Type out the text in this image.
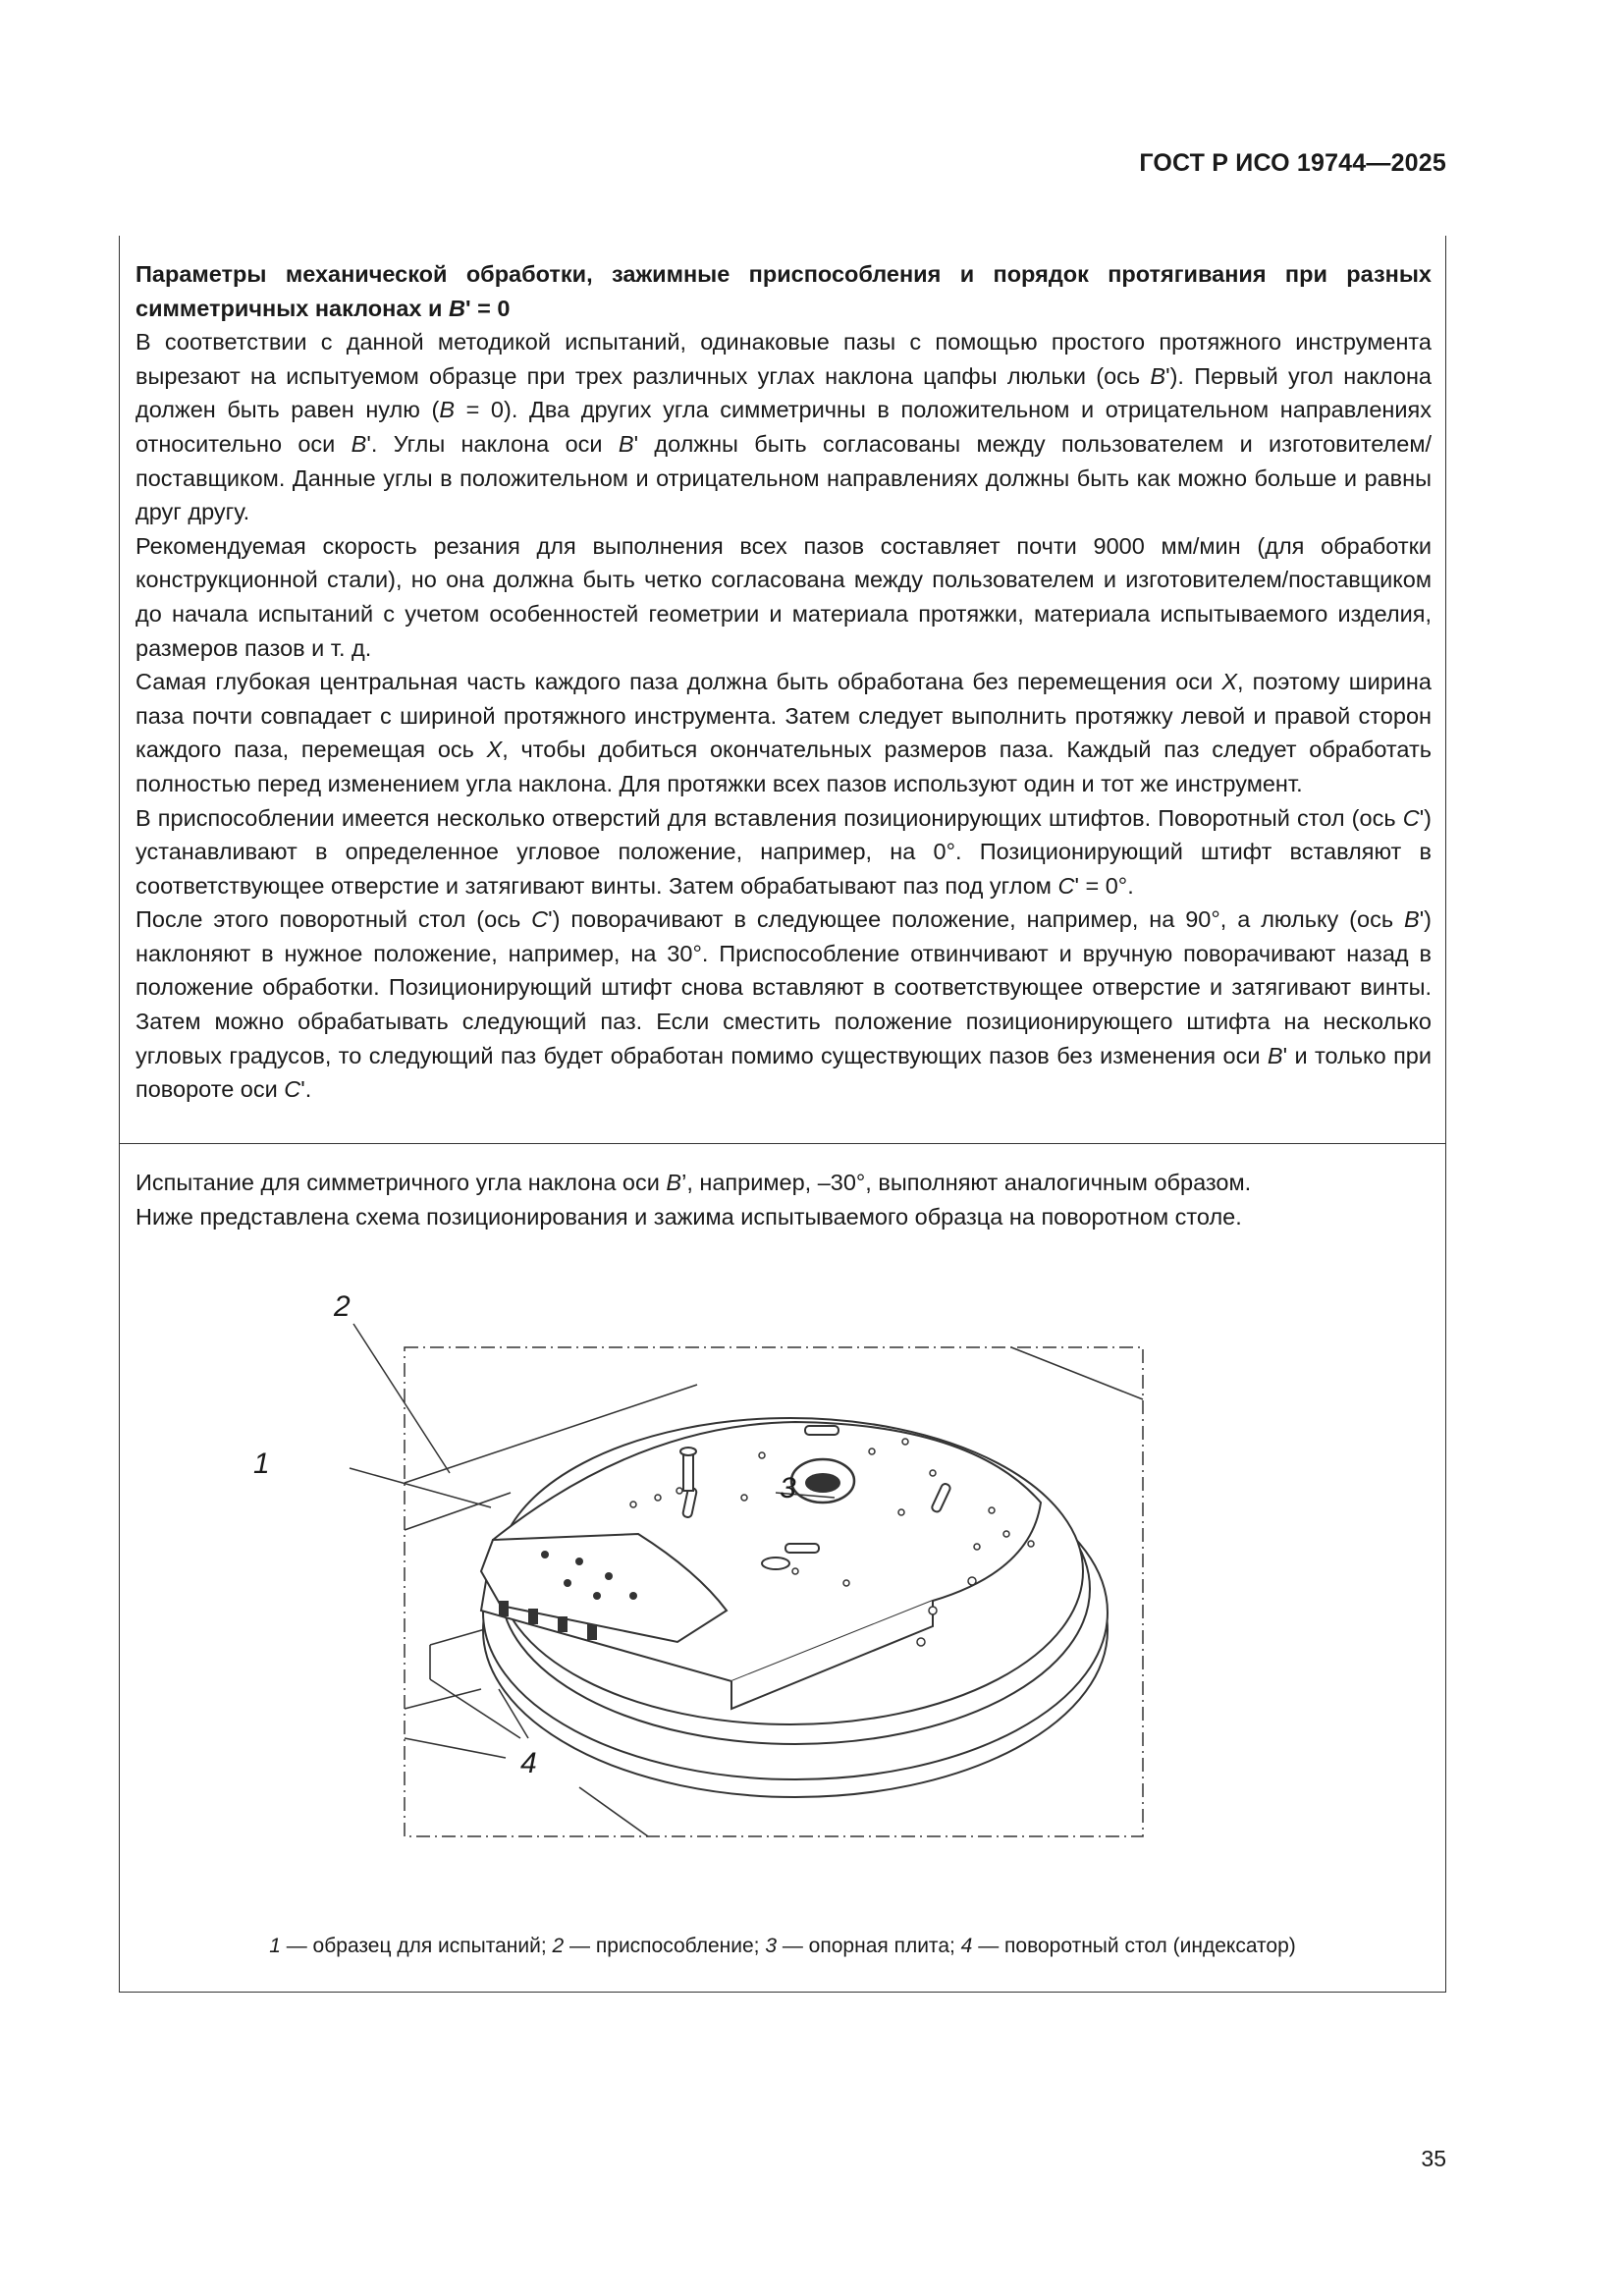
ГОСТ Р ИСО 19744—2025

Параметры механической обработки, зажимные приспособления и порядок протягивания при разных симметричных наклонах и B' = 0

В соответствии с данной методикой испытаний, одинаковые пазы с помощью простого протяжного инструмента вырезают на испытуемом образце при трех различных углах наклона цапфы люльки (ось B'). Первый угол наклона должен быть равен нулю (B = 0). Два других угла симметричны в положительном и отрицательном направлениях относительно оси B'. Углы наклона оси B' должны быть согласованы между пользователем и изготовителем/поставщиком. Данные углы в положительном и отрицательном направлениях должны быть как можно больше и равны друг другу.

Рекомендуемая скорость резания для выполнения всех пазов составляет почти 9000 мм/мин (для обработки конструкционной стали), но она должна быть четко согласована между пользователем и изготовителем/поставщиком до начала испытаний с учетом особенностей геометрии и материала протяжки, материала испытываемого изделия, размеров пазов и т. д.

Самая глубокая центральная часть каждого паза должна быть обработана без перемещения оси X, поэтому ширина паза почти совпадает с шириной протяжного инструмента. Затем следует выполнить протяжку левой и правой сторон каждого паза, перемещая ось X, чтобы добиться окончательных размеров паза. Каждый паз следует обработать полностью перед изменением угла наклона. Для протяжки всех пазов используют один и тот же инструмент.

В приспособлении имеется несколько отверстий для вставления позиционирующих штифтов. Поворотный стол (ось C') устанавливают в определенное угловое положение, например, на 0°. Позиционирующий штифт вставляют в соответствующее отверстие и затягивают винты. Затем обрабатывают паз под углом C' = 0°.

После этого поворотный стол (ось C') поворачивают в следующее положение, например, на 90°, а люльку (ось B') наклоняют в нужное положение, например, на 30°. Приспособление отвинчивают и вручную поворачивают назад в положение обработки. Позиционирующий штифт снова вставляют в соответствующее отверстие и затягивают винты. Затем можно обрабатывать следующий паз. Если сместить положение позиционирующего штифта на несколько угловых градусов, то следующий паз будет обработан помимо существующих пазов без изменения оси B' и только при повороте оси C'.

Испытание для симметричного угла наклона оси B’, например, –30°, выполняют аналогичным образом.

Ниже представлена схема позиционирования и зажима испытываемого образца на поворотном столе.

1
2
3
4
1 — образец для испытаний; 2 — приспособление; 3 — опорная плита; 4 — поворотный стол (индексатор)
35
